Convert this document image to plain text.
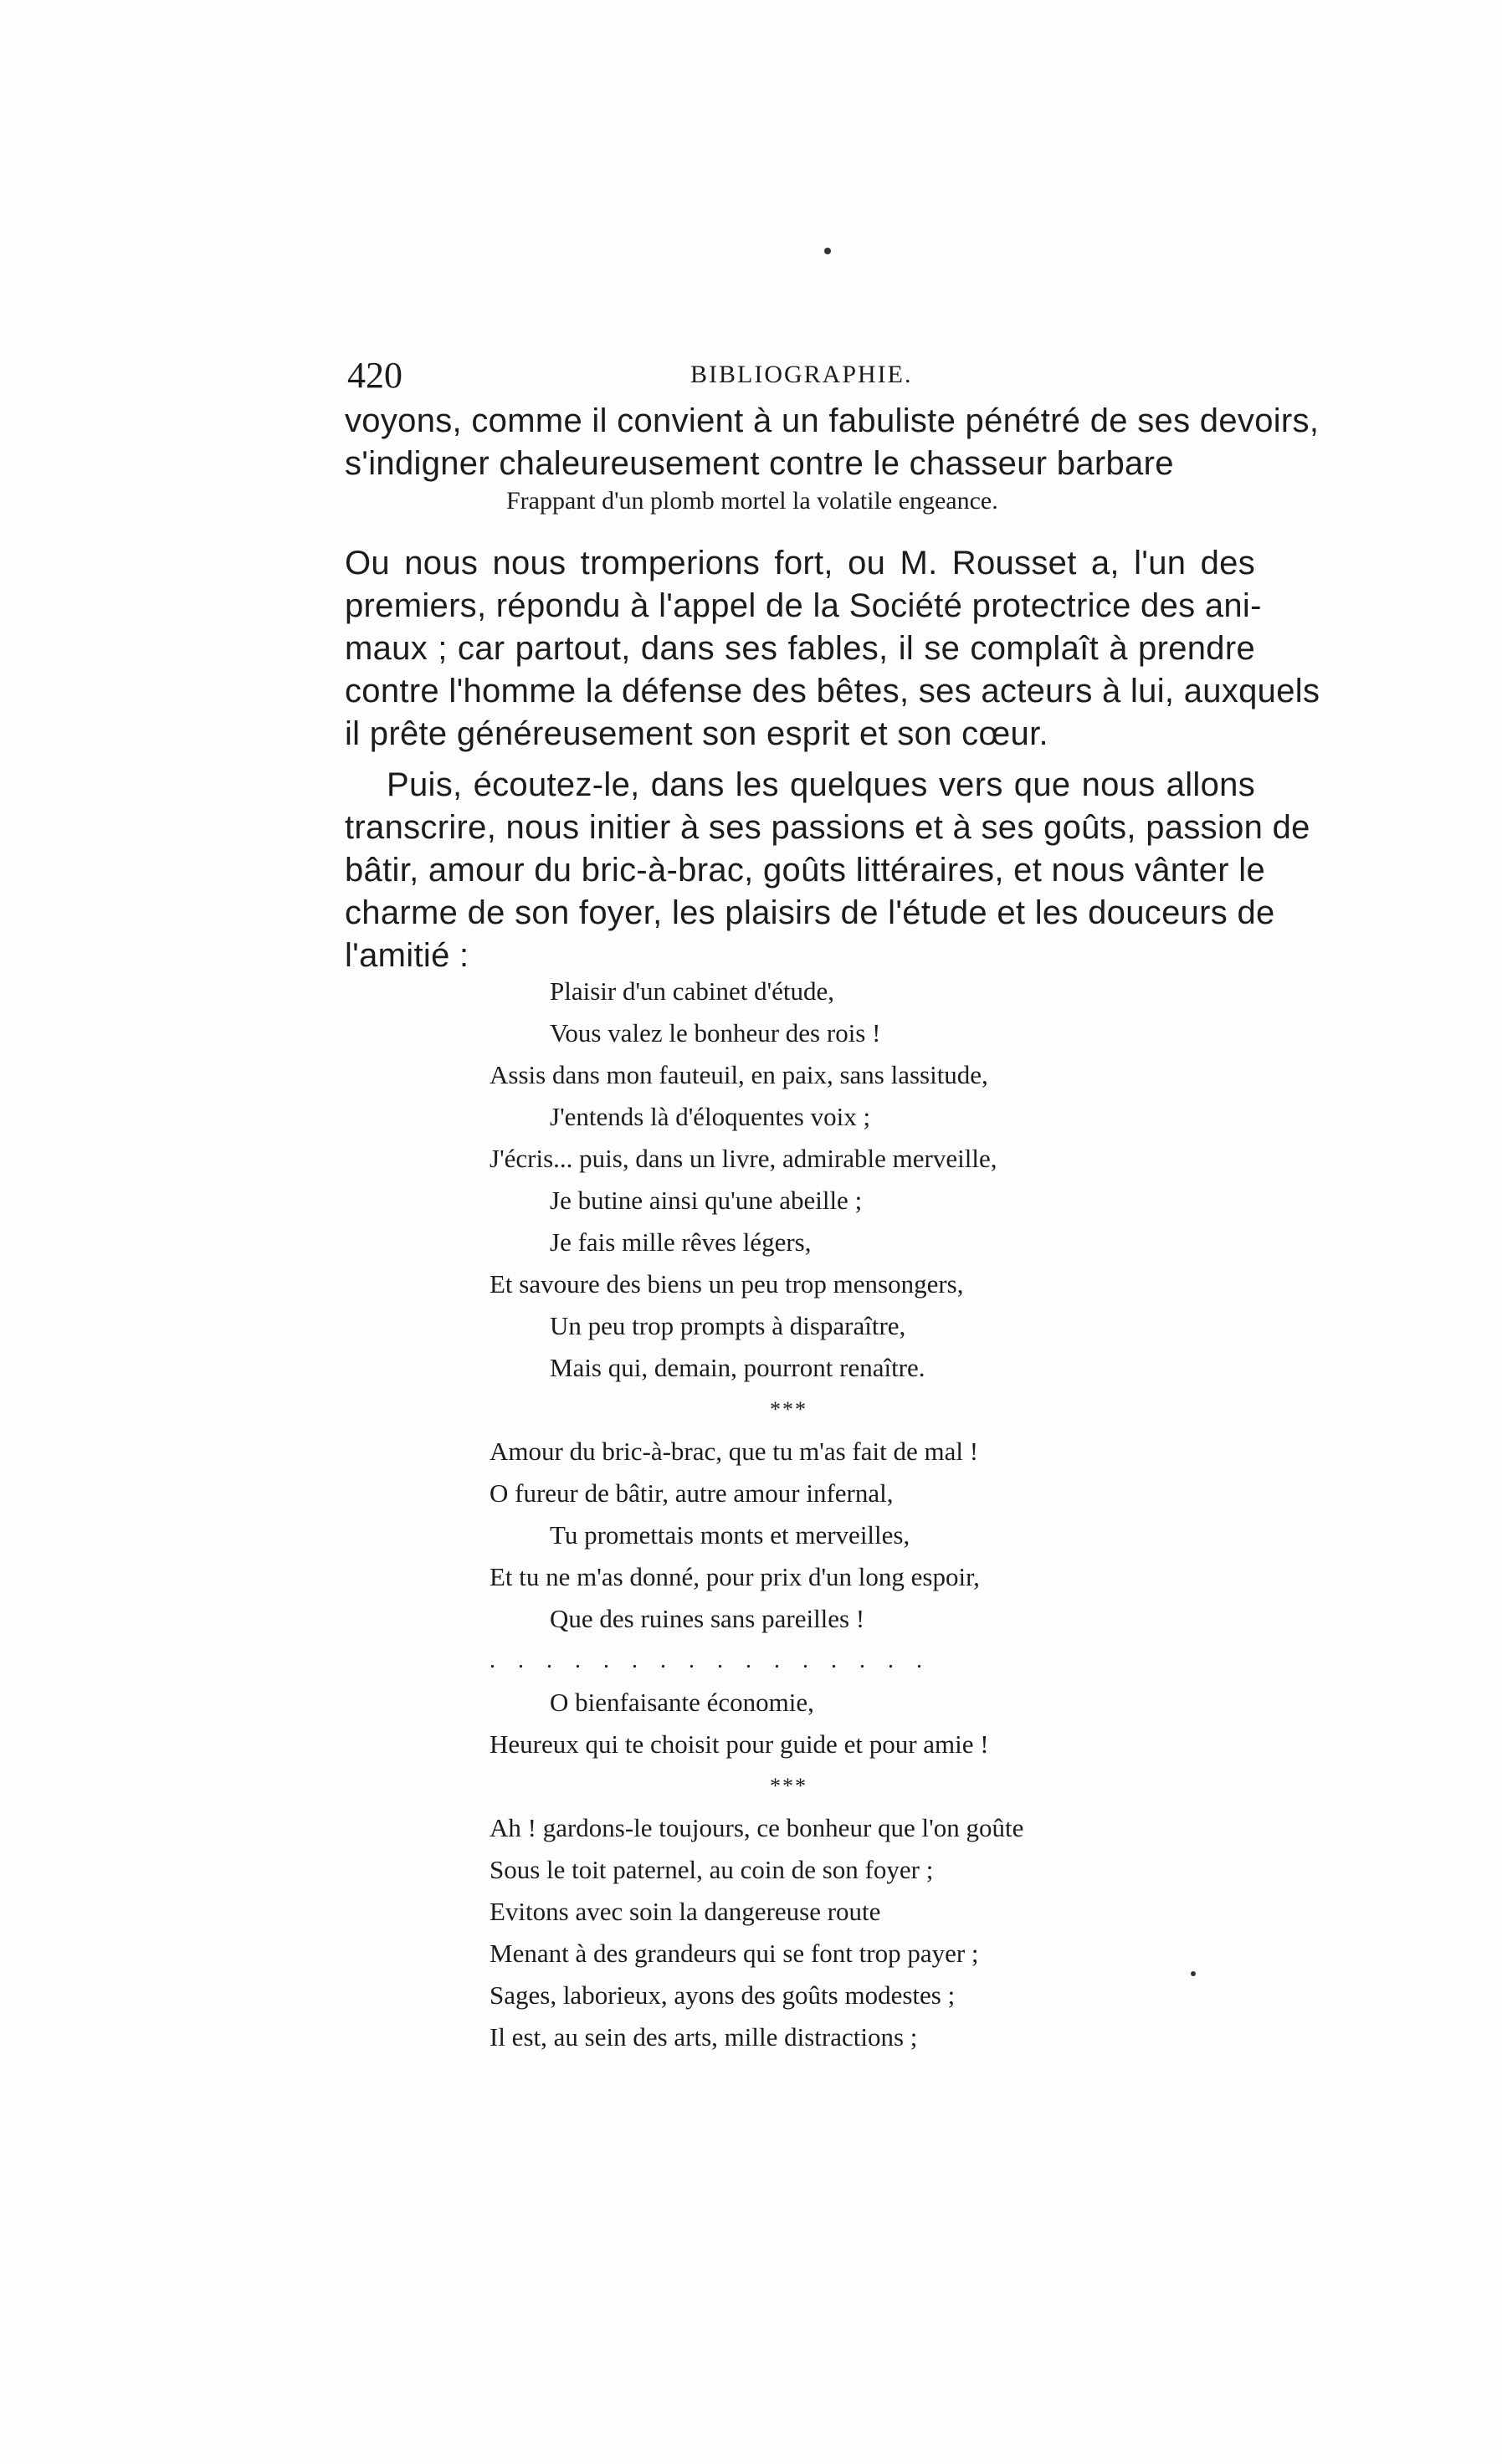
420	BIBLIOGRAPHIE.
voyons, comme il convient à un fabuliste pénétré de ses devoirs,
s'indigner chaleureusement contre le chasseur barbare
Frappant d'un plomb mortel la volatile engeance.
Ou nous nous tromperions fort, ou M. Rousset a, l'un des
premiers, répondu à l'appel de la Société protectrice des ani-
maux ; car partout, dans ses fables, il se complaît à prendre
contre l'homme la défense des bêtes, ses acteurs à lui, auxquels
il prête généreusement son esprit et son cœur.
Puis, écoutez-le, dans les quelques vers que nous allons
transcrire, nous initier à ses passions et à ses goûts, passion de
bâtir, amour du bric-à-brac, goûts littéraires, et nous vânter le
charme de son foyer, les plaisirs de l'étude et les douceurs de
l'amitié :
Plaisir d'un cabinet d'étude,
Vous valez le bonheur des rois !
Assis dans mon fauteuil, en paix, sans lassitude,
J'entends là d'éloquentes voix ;
J'écris... puis, dans un livre, admirable merveille,
Je butine ainsi qu'une abeille ;
Je fais mille rêves légers,
Et savoure des biens un peu trop mensongers,
Un peu trop prompts à disparaître,
Mais qui, demain, pourront renaître.
***
Amour du bric-à-brac, que tu m'as fait de mal !
O fureur de bâtir, autre amour infernal,
Tu promettais monts et merveilles,
Et tu ne m'as donné, pour prix d'un long espoir,
Que des ruines sans pareilles !
. . . . . . . . . . . . . . . .
O bienfaisante économie,
Heureux qui te choisit pour guide et pour amie !
***
Ah ! gardons-le toujours, ce bonheur que l'on goûte
Sous le toit paternel, au coin de son foyer ;
Evitons avec soin la dangereuse route
Menant à des grandeurs qui se font trop payer ;
Sages, laborieux, ayons des goûts modestes ;
Il est, au sein des arts, mille distractions ;
